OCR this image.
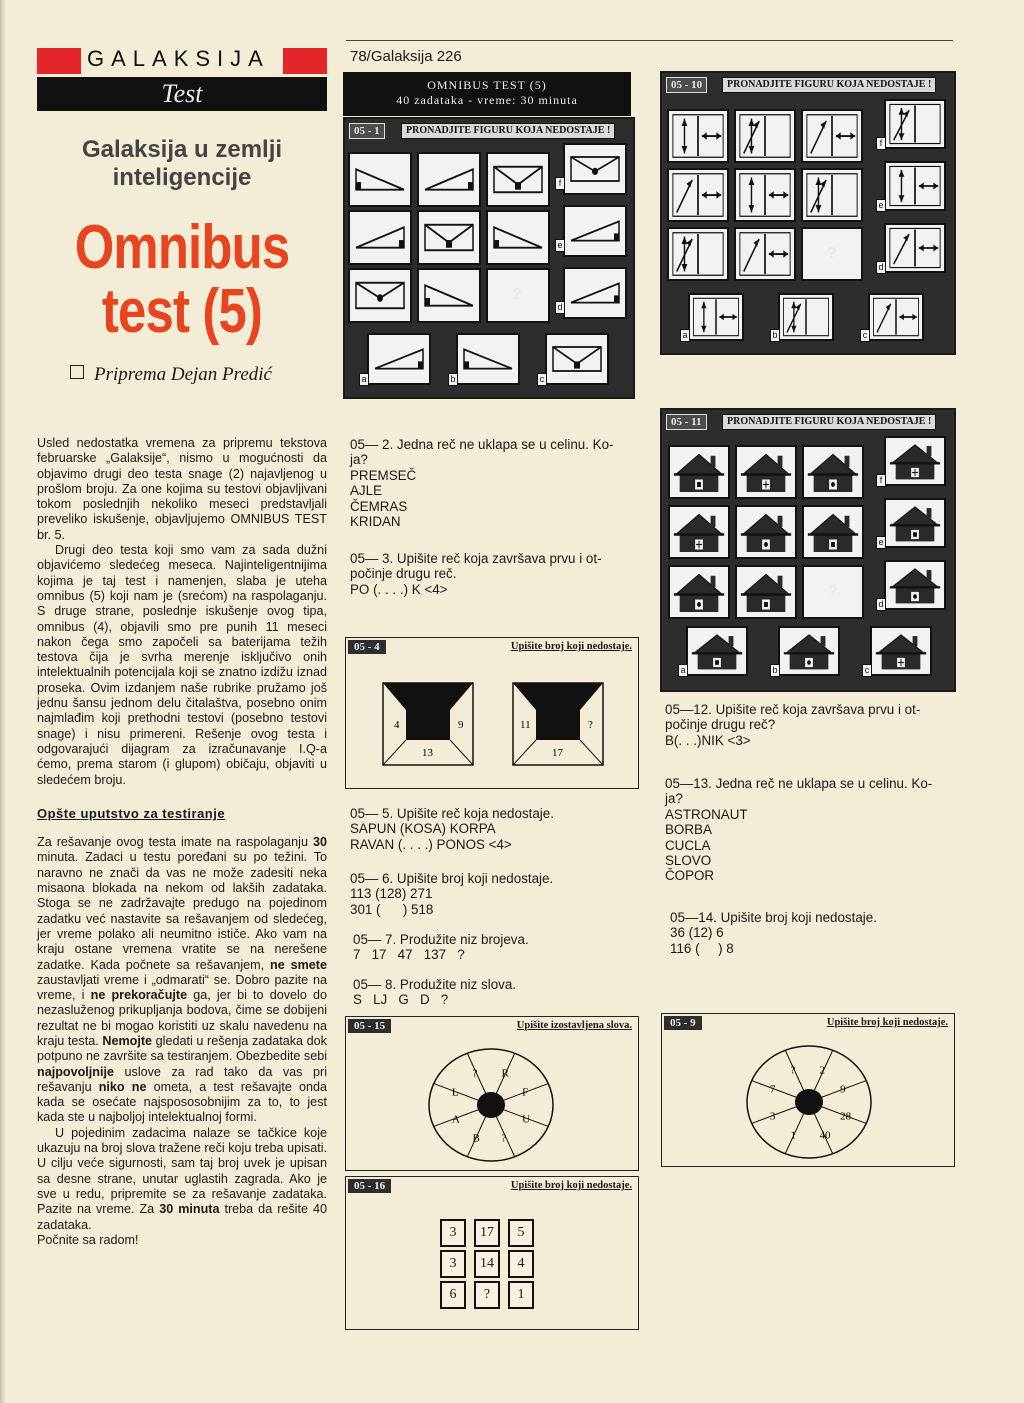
GALAKSIJA
Test
78/Galaksija 226
Galaksija u zemlji
inteligencije
Omnibus
test (5)
Priprema Dejan Predić
OMNIBUS TEST (5)
40 zadataka - vreme: 30 minuta
05 - 1	PRONADJITE FIGURU KOJA NEDOSTAJE !
?
f
e
d
a	b	c
05 - 10	PRONADJITE FIGURU KOJA NEDOSTAJE !
?
f
e
d
a	b	c
05 - 11	PRONADJITE FIGURU KOJA NEDOSTAJE !
?
f
e
d
a	b	c

Usled nedostatka vremena za pripremu tekstova februarske „Galaksije“, nismo u mogućnosti da objavimo drugi deo testa snage (2) najavljenog u prošlom broju. Za one kojima su testovi objavljivani tokom poslednjih nekoliko meseci predstavljali preveliko iskušenje, objavljujemo OMNIBUS TEST br. 5.

Drugi deo testa koji smo vam za sada dužni objavićemo sledećeg meseca. Najinteligentnijima kojima je taj test i namenjen, slaba je uteha omnibus (5) koji nam je (srećom) na raspolaganju. S druge strane, poslednje iskušenje ovog tipa, omnibus (4), objavili smo pre punih 11 meseci nakon čega smo započeli sa baterijama težih testova čija je svrha merenje isključivo onih intelektualnih potencijala koji se znatno izdižu iznad proseka. Ovim izdanjem naše rubrike pružamo još jednu šansu jednom delu čitalaštva, posebno onim najmlađim koji prethodni testovi (posebno testovi snage) i nisu primereni. Rešenje ovog testa i odgovarajući dijagram za izračunavanje I.Q-a ćemo, prema starom (i glupom) običaju, objaviti u sledećem broju.

Opšte uputstvo za testiranje

Za rešavanje ovog testa imate na raspolaganju 30 minuta. Zadaci u testu poređani su po težini. To naravno ne znači da vas ne može zadesiti neka misaona blokada na nekom od lakših zadataka. Stoga se ne zadržavajte predugo na pojedinom zadatku već nastavite sa rešavanjem od sledećeg, jer vreme polako ali neumitno ističe. Ako vam na kraju ostane vremena vratite se na nerešene zadatke. Kada počnete sa rešavanjem, ne smete zaustavljati vreme i „odmarati“ se. Dobro pazite na vreme, i ne prekoračujte ga, jer bi to dovelo do nezasluženog prikupljanja bodova, čime se dobijeni rezultat ne bi mogao koristiti uz skalu navedenu na kraju testa. Nemojte gledati u rešenja zadataka dok potpuno ne završite sa testiranjem. Obezbedite sebi najpovoljnije uslove za rad tako da vas pri rešavanju niko ne ometa, a test rešavajte onda kada se osećate najspososobnijim za to, to jest kada ste u najboljoj intelektualnoj formi.

U pojedinim zadacima nalaze se tačkice koje ukazuju na broj slova tražene reči koju treba upisati. U cilju veće sigurnosti, sam taj broj uvek je upisan sa desne strane, unutar uglastih zagrada. Ako je sve u redu, pripremite se za rešavanje zadataka. Pazite na vreme. Za 30 minuta treba da rešite 40 zadataka.

Počnite sa radom!

05— 2. Jedna reč ne uklapa se u celinu. Ko-
ja?
PREMSEČ
AJLE
ČEMRAS
KRIDAN
05— 3. Upišite reč koja završava prvu i ot-
počinje drugu reč.
PO (. . . .) K <4>
05 - 4	Upišite broj koji nedostaje.
4	9
13
11	?
17
05— 5. Upišite reč koja nedostaje.
SAPUN (KOSA) KORPA
RAVAN (. . . .) PONOS <4>
05— 6. Upišite broj koji nedostaje.
113 (128) 271
301 (      ) 518
05— 7. Produžite niz brojeva.
7   17   47   137   ?
05— 8. Produžite niz slova.
S   LJ   G   D   ?
05 - 15	Upišite izostavljena slova.
R
F
U
?
B
A
L
?
05 - 16	Upišite broj koji nedostaje.
3	17	5
3	14	4
6	?	1
05—12. Upišite reč koja završava prvu i ot-
počinje drugu reč?
B(. . .)NIK <3>
05—13. Jedna reč ne uklapa se u celinu. Ko-
ja?
ASTRONAUT
BORBA
CUCLA
SLOVO
ČOPOR
05—14. Upišite broj koji nedostaje.
36 (12) 6
116 (     ) 8
05 - 9	Upišite broj koji nedostaje.
2
9
28
40
1
3
7
?
